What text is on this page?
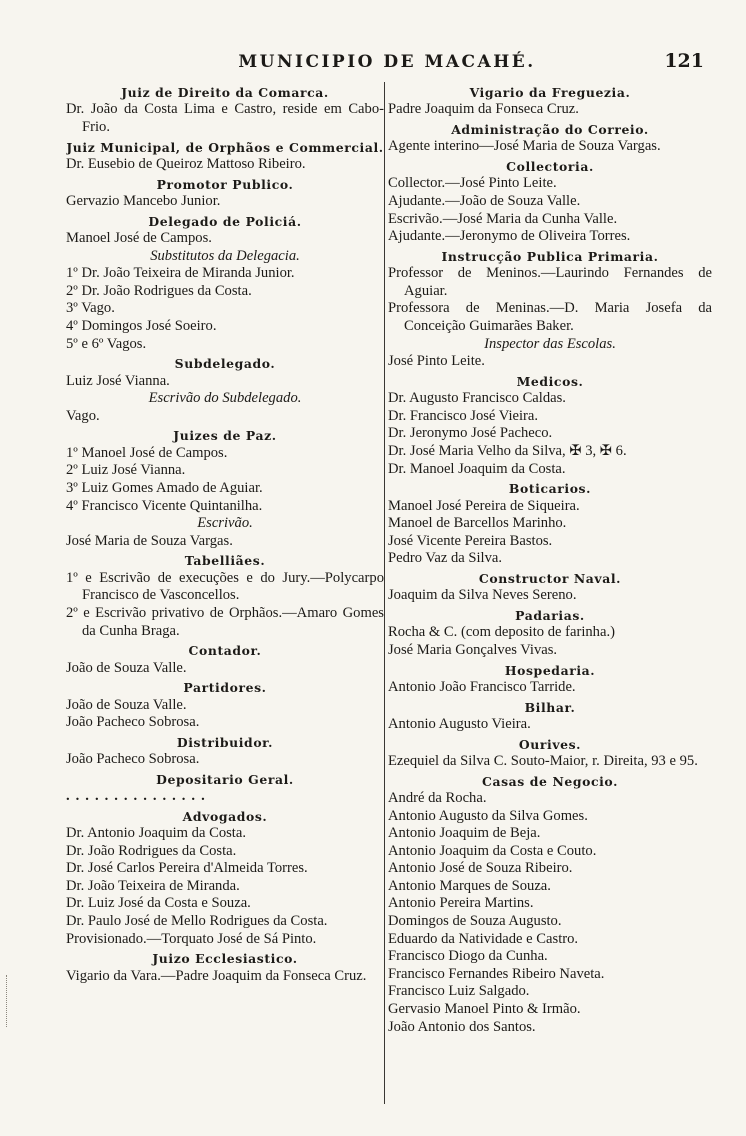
MUNICIPIO DE MACAHÉ.	121
Juiz de Direito da Comarca.
Dr. João da Costa Lima e Castro, reside em Cabo-Frio.
Juiz Municipal, de Orphãos e Commercial.
Dr. Eusebio de Queiroz Mattoso Ribeiro.
Promotor Publico.
Gervazio Mancebo Junior.
Delegado de Policiá.
Manoel José de Campos.
Substitutos da Delegacia.
1º Dr. João Teixeira de Miranda Junior.
2º Dr. João Rodrigues da Costa.
3º Vago.
4º Domingos José Soeiro.
5º e 6º Vagos.
Subdelegado.
Luiz José Vianna.
Escrivão do Subdelegado.
Vago.
Juizes de Paz.
1º Manoel José de Campos.
2º Luiz José Vianna.
3º Luiz Gomes Amado de Aguiar.
4º Francisco Vicente Quintanilha.
Escrivão.
José Maria de Souza Vargas.
Tabelliães.
1º e Escrivão de execuções e do Jury.—Polycarpo Francisco de Vasconcellos.
2º e Escrivão privativo de Orphãos.—Amaro Gomes da Cunha Braga.
Contador.
João de Souza Valle.
Partidores.
João de Souza Valle.
João Pacheco Sobrosa.
Distribuidor.
João Pacheco Sobrosa.
Depositario Geral.
...............
Advogados.
Dr. Antonio Joaquim da Costa.
Dr. João Rodrigues da Costa.
Dr. José Carlos Pereira d'Almeida Torres.
Dr. João Teixeira de Miranda.
Dr. Luiz José da Costa e Souza.
Dr. Paulo José de Mello Rodrigues da Costa.
Provisionado.—Torquato José de Sá Pinto.
Juizo Ecclesiastico.
Vigario da Vara.—Padre Joaquim da Fonseca Cruz.
Vigario da Freguezia.
Padre Joaquim da Fonseca Cruz.
Administração do Correio.
Agente interino—José Maria de Souza Vargas.
Collectoria.
Collector.—José Pinto Leite.
Ajudante.—João de Souza Valle.
Escrivão.—José Maria da Cunha Valle.
Ajudante.—Jeronymo de Oliveira Torres.
Instrucção Publica Primaria.
Professor de Meninos.—Laurindo Fernandes de Aguiar.
Professora de Meninas.—D. Maria Josefa da Conceição Guimarães Baker.
Inspector das Escolas.
José Pinto Leite.
Medicos.
Dr. Augusto Francisco Caldas.
Dr. Francisco José Vieira.
Dr. Jeronymo José Pacheco.
Dr. José Maria Velho da Silva, ✠ 3, ✠ 6.
Dr. Manoel Joaquim da Costa.
Boticarios.
Manoel José Pereira de Siqueira.
Manoel de Barcellos Marinho.
José Vicente Pereira Bastos.
Pedro Vaz da Silva.
Constructor Naval.
Joaquim da Silva Neves Sereno.
Padarias.
Rocha & C. (com deposito de farinha.)
José Maria Gonçalves Vivas.
Hospedaria.
Antonio João Francisco Tarride.
Bilhar.
Antonio Augusto Vieira.
Ourives.
Ezequiel da Silva C. Souto-Maior, r. Direita, 93 e 95.
Casas de Negocio.
André da Rocha.
Antonio Augusto da Silva Gomes.
Antonio Joaquim de Beja.
Antonio Joaquim da Costa e Couto.
Antonio José de Souza Ribeiro.
Antonio Marques de Souza.
Antonio Pereira Martins.
Domingos de Souza Augusto.
Eduardo da Natividade e Castro.
Francisco Diogo da Cunha.
Francisco Fernandes Ribeiro Naveta.
Francisco Luiz Salgado.
Gervasio Manoel Pinto & Irmão.
João Antonio dos Santos.
